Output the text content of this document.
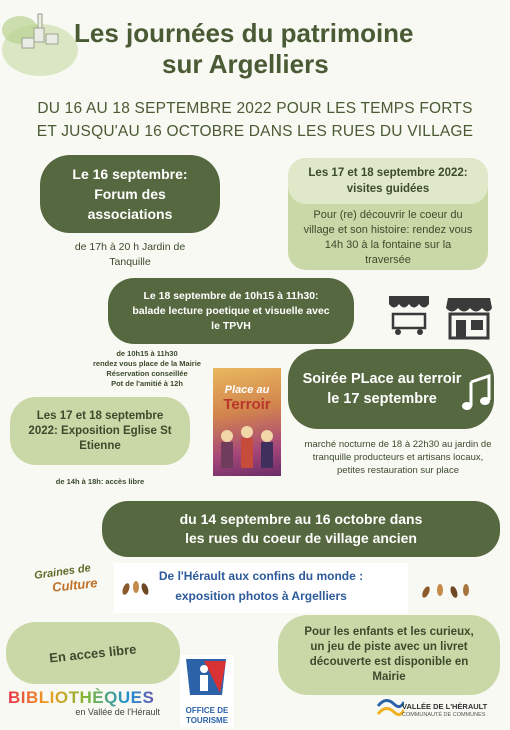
Les journées du patrimoine
sur Argelliers
DU 16 AU 18 SEPTEMBRE 2022 POUR LES TEMPS FORTS
ET JUSQU'AU 16 OCTOBRE DANS LES RUES DU VILLAGE
Le 16 septembre: Forum des associations
de 17h à 20 h Jardin de Tanquille
Les 17 et 18 septembre 2022: visites guidées
Pour (re) découvrir le coeur du village et son histoire: rendez vous 14h 30 à la fontaine sur la traversée
Le 18 septembre de 10h15 à 11h30: balade lecture poetique et visuelle avec le TPVH
de 10h15 à 11h30
rendez vous place de la Mairie
Réservation conseillée
Pot de l'amitié à 12h
Place au
Terroir
Soirée PLace au terroir le 17 septembre
marché nocturne de 18 à 22h30 au jardin de tranquille producteurs et artisans locaux, petites restauration sur place
Les 17 et 18 septembre 2022: Exposition Eglise St Etienne
de 14h à 18h: accès libre
du 14 septembre au 16 octobre dans
les rues du coeur de village ancien
Graines de
Culture	De l'Hérault aux confins du monde :
exposition photos à Argelliers
En acces libre
Pour les enfants et les curieux, un jeu de piste avec un livret découverte est disponible en Mairie
BIBLIOTHÈQUES
en Vallée de l'Hérault	OFFICE DE
TOURISME
VALLÉE DE L'HÉRAULT
COMMUNAUTÉ DE COMMUNES
